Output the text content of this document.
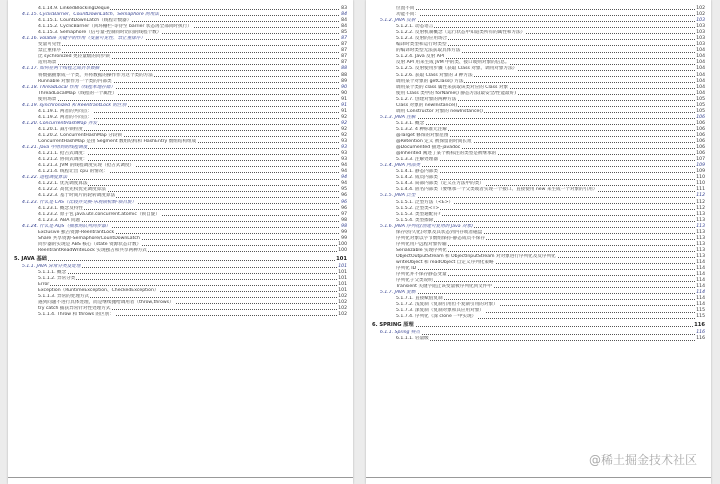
4.1.14.9. LinkedBlockingDeque	83
4.1.15. CyclicBarrier、CountDownLatch、Semaphore 的用法	84
4.1.15.1. CountDownLatch（线程计数器）	84
4.1.15.2. CyclicBarrier（回环栅栏-等待至 barrier 状态再全部同时执行）	84
4.1.15.3. Semaphore（信号量-控制同时访问的线程个数）	85
4.1.16. volatile 关键字的作用（变量可见性、禁止重排序）	87
变量可见性	87
禁止重排序	87
比 sychronized 更轻量级的同步锁	87
适用场景	87
4.1.17. 如何在两个线程之间共享数据	88
将数据抽象成一个类，并将数据的操作作为这个类的方法	88
Runnable 对象作为一个类的内部类	89
4.1.18. ThreadLocal 作用（线程本地存储）	90
ThreadLocalMap（线程的一个属性）	90
使用场景	91
4.1.19. synchronized 和 ReentrantLock 的区别	91
4.1.19.1. 两者的共同点：	91
4.1.19.2. 两者的不同点：	92
4.1.20. ConcurrentHashMap 并发	92
4.1.20.1. 减小锁粒度	92
4.1.20.2. ConcurrentHashMap 分段锁	92
ConcurrentHashMap 是由 Segment 数组结构和 HashEntry 数组结构组成	93
4.1.21. Java 中用到的线程调度	93
4.1.21.1. 抢占式调度：	93
4.1.21.2. 协同式调度：	93
4.1.21.3. JVM 的线程调度实现（抢占式调度）	94
4.1.21.4. 线程让出 cpu 的情况：	94
4.1.22. 进程调度算法	94
4.1.22.1. 优先调度算法	94
4.1.22.2. 高优先权优先调度算法	95
4.1.22.3. 基于时间片的轮转调度算法	96
4.1.23. 什么是 CAS（比较并交换-乐观锁机制-锁自旋）	96
4.1.23.1. 概念及特性	96
4.1.23.2. 原子包 java.util.concurrent.atomic（锁自旋）	97
4.1.23.3. ABA 问题	98
4.1.24. 什么是 AQS（抽象的队列同步器）	98
Exclusive 独占资源-ReentrantLock	99
Share 共享资源-Semaphore/CountDownLatch	99
同步器的实现是 ABS 核心（state 资源状态计数）	100
ReentrantReadWriteLock 实现独占和共享两种方式	100
5. JAVA 基础	101
5.1.1. JAVA 异常分类及处理	101
5.1.1.1. 概念	101
5.1.1.2. 异常分类	101
Error	101
Exception（RuntimeException、CheckedException）	101
5.1.1.3. 异常的处理方式	102
遇到问题不进行具体处理，而是继续抛给调用者（throw,throws）	102
try catch 捕获异常针对性处理方式	102
5.1.1.4. Throw 和 throws 的区别：	102
位置不同	102
功能不同：	102
5.1.2. JAVA 反射	103
5.1.2.1. 动态语言	103
5.1.2.2. 反射机制概念（运行状态中知道类所有的属性和方法）	103
5.1.2.3. 反射的应用场合	103
编译时类型和运行时类型	103
的编译时类型无法获取具体方法	104
5.1.2.4. Java 反射 API	104
反射 API 用来生成 JVM 中的类、接口或则对象的信息。	104
5.1.2.5. 反射使用步骤（获取 Class 对象、调用对象方法）	104
5.1.2.6. 获取 Class 对象的 3 种方法	104
调用某个对象的 getClass() 方法	104
调用某个类的 class 属性来获取该类对应的 Class 对象	104
使用 Class 类中的 forName() 静态方法(最安全/性能最好)	104
5.1.2.7. 创建对象的两种方法	105
Class 对象的 newInstance()	105
调用 Constructor 对象的 newInstance()	105
5.1.3. JAVA 注解	106
5.1.3.1. 概念	106
5.1.3.2. 4 种标准元注解	106
@Target 修饰的对象范围	106
@Retention 定义 被保留的时间长短	106
@Documented 描述-javadoc	106
@Inherited 阐述了某个被标注的类型是被继承的	106
5.1.3.3. 注解处理器	107
5.1.4. JAVA 内部类	109
5.1.4.1. 静态内部类	109
5.1.4.2. 成员内部类	110
5.1.4.3. 局部内部类（定义在方法中的类）	110
5.1.4.4. 匿名内部类（要继承一个父类或者实现一个接口、直接使用 new 来生成一个对象的引用）	111
5.1.5. JAVA 泛型	112
5.1.5.1. 泛型方法（<E>）	112
5.1.5.2. 泛型类<T>	112
5.1.5.3. 类型通配符?	113
5.1.5.4. 类型擦除	113
5.1.6. JAVA 序列化(创建可复用的 Java 对象)	113
保存(持久化)对象及其状态到内存或者磁盘	113
序列化对象以字节数组保持-静态成员不保存	113
序列化用户远程对象传输	113
Serializable 实现序列化	113
ObjectOutputStream 和 ObjectInputStream 对对象进行序列化及反序列化	113
writeObject 和 readObject 自定义序列化策略	114
序列化 ID	114
序列化并不保存静态变量	114
序列化子父类说明	114
Transient 关键字阻止该变量被序列化到文件中	114
5.1.7. JAVA 复制	114
5.1.7.1. 直接赋值复制	114
5.1.7.2. 浅复制（复制引用但不复制引用的对象）	114
5.1.7.3. 深复制（复制对象和其应用对象）	115
5.1.7.4. 序列化（深 clone 一中实现）	115
6. SPRING 原理	116
6.1.1. Spring 特点	116
6.1.1.1. 轻量级	116
@稀土掘金技术社区
